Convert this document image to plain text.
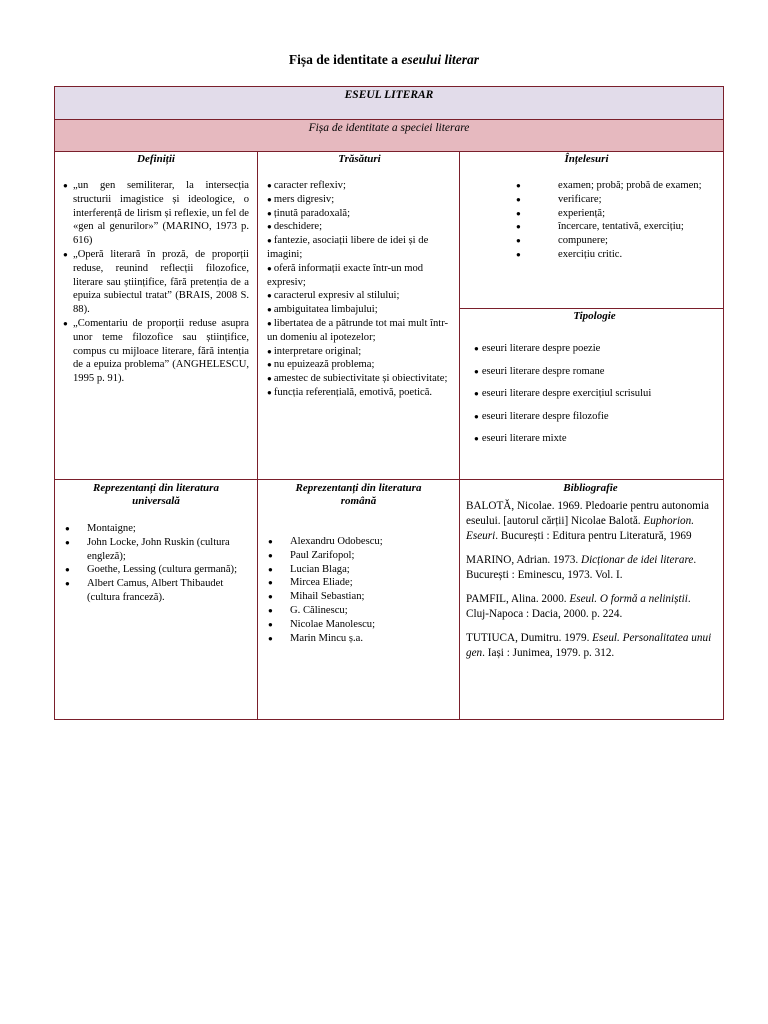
Fișa de identitate a eseului literar
ESEUL LITERAR
Fișa de identitate a speciei literare
Definiții
● „un gen semiliterar, la intersecția structurii imagistice și ideologice, o interferență de lirism și reflexie, un fel de «gen al genurilor»” (MARINO, 1973 p. 616)
● „Operă literară în proză, de proporții reduse, reunind reflecții filozofice, literare sau științifice, fără pretenția de a epuiza subiectul tratat” (BRAIS, 2008 S. 88).
● „Comentariu de proporții reduse asupra unor teme filozofice sau științifice, compus cu mijloace literare, fără intenția de a epuiza problema” (ANGHELESCU, 1995 p. 91).
Trăsături
● caracter reflexiv;
● mers digresiv;
● ținută paradoxală;
● deschidere;
● fantezie, asociații libere de idei și de imagini;
● oferă informații exacte într-un mod expresiv;
● caracterul expresiv al stilului;
● ambiguitatea limbajului;
● libertatea de a pătrunde tot mai mult într-un domeniu al ipotezelor;
● interpretare original;
● nu epuizează problema;
● amestec de subiectivitate și obiectivitate;
● funcția referențială, emotivă, poetică.
Înțelesuri
● examen; probă; probă de examen;
● verificare;
● experiență;
● încercare, tentativă, exercițiu;
● compunere;
● exercițiu critic.
Tipologie
● eseuri literare despre poezie
● eseuri literare despre romane
● eseuri literare despre exercițiul scrisului
● eseuri literare despre filozofie
● eseuri literare mixte
Reprezentanți din literatura universală
● Montaigne;
● John Locke, John Ruskin (cultura engleză);
● Goethe, Lessing (cultura germană);
● Albert Camus, Albert Thibaudet (cultura franceză).
Reprezentanți din literatura română
● Alexandru Odobescu;
● Paul Zarifopol;
● Lucian Blaga;
● Mircea Eliade;
● Mihail Sebastian;
● G. Călinescu;
● Nicolae Manolescu;
● Marin Mincu ș.a.
Bibliografie

BALOTĂ, Nicolae. 1969. Pledoarie pentru autonomia eseului. [autorul cărții] Nicolae Balotă. Euphorion. Eseuri. București : Editura pentru Literatură, 1969

MARINO, Adrian. 1973. Dicționar de idei literare. București : Eminescu, 1973. Vol. I.

PAMFIL, Alina. 2000. Eseul. O formă a neliniștii. Cluj-Napoca : Dacia, 2000. p. 224.

TUTIUCA, Dumitru. 1979. Eseul. Personalitatea unui gen. Iași : Junimea, 1979. p. 312.
